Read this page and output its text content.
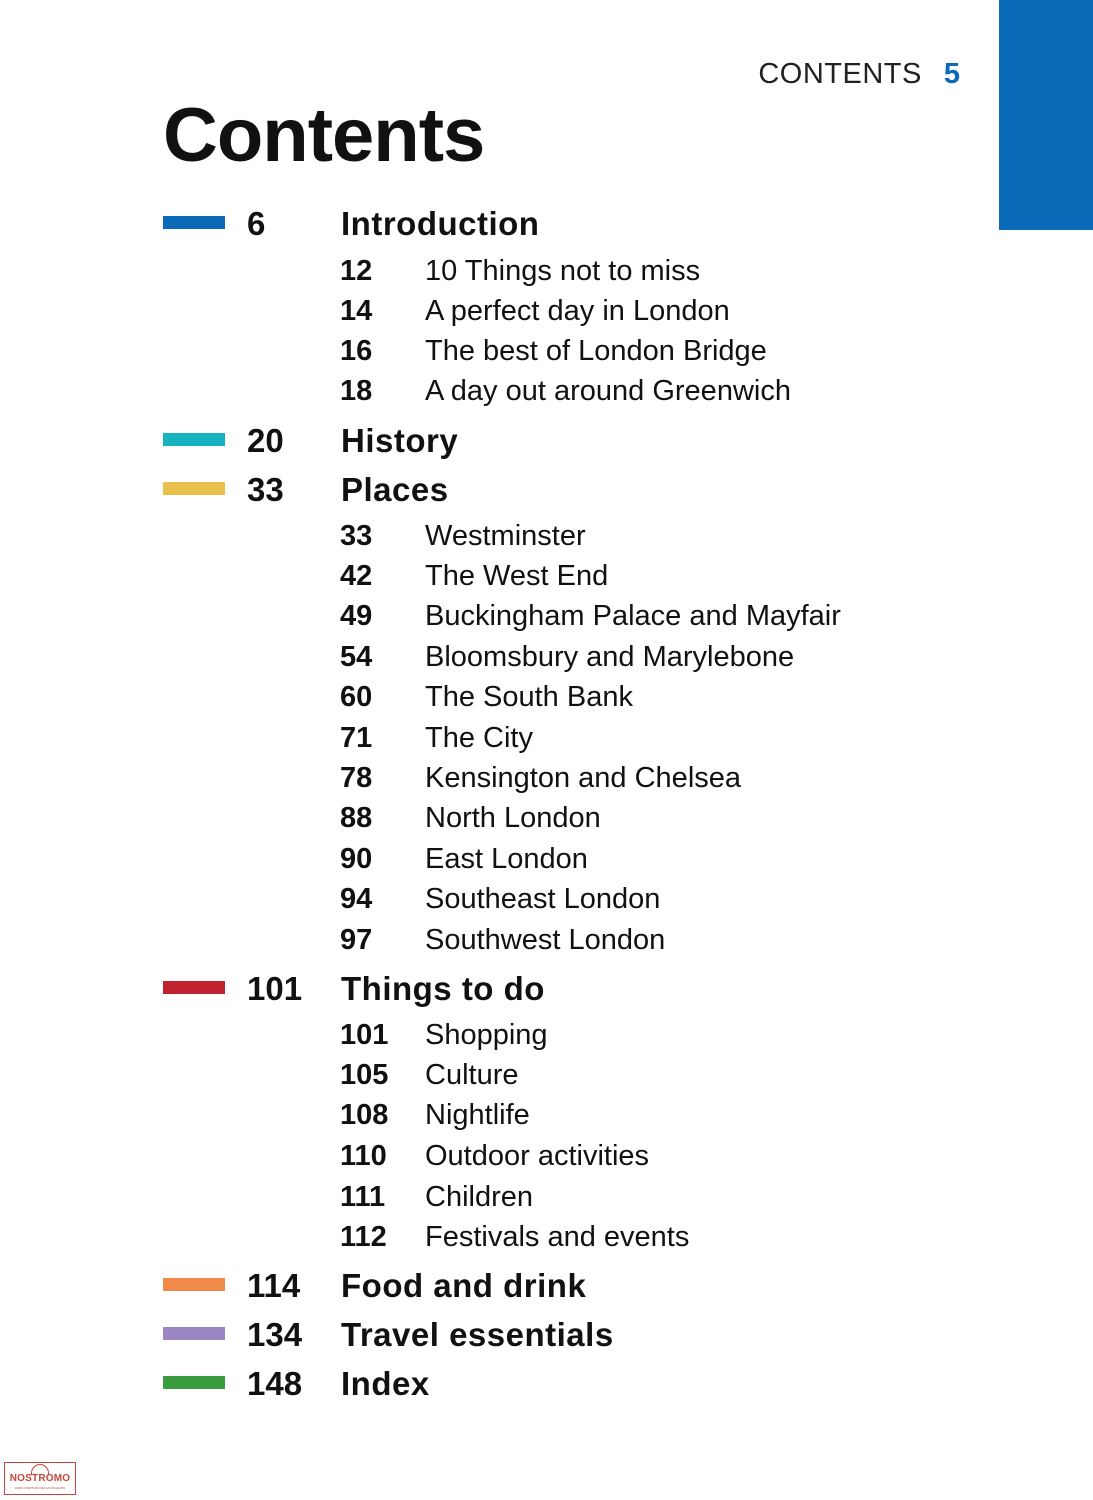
CONTENTS 5
Contents
6 Introduction
12 10 Things not to miss
14 A perfect day in London
16 The best of London Bridge
18 A day out around Greenwich
20 History
33 Places
33 Westminster
42 The West End
49 Buckingham Palace and Mayfair
54 Bloomsbury and Marylebone
60 The South Bank
71 The City
78 Kensington and Chelsea
88 North London
90 East London
94 Southeast London
97 Southwest London
101 Things to do
101 Shopping
105 Culture
108 Nightlife
110 Outdoor activities
111 Children
112 Festivals and events
114 Food and drink
134 Travel essentials
148 Index
NOSTROMO
WEB COMPTOIR DES VOYAGEURS
